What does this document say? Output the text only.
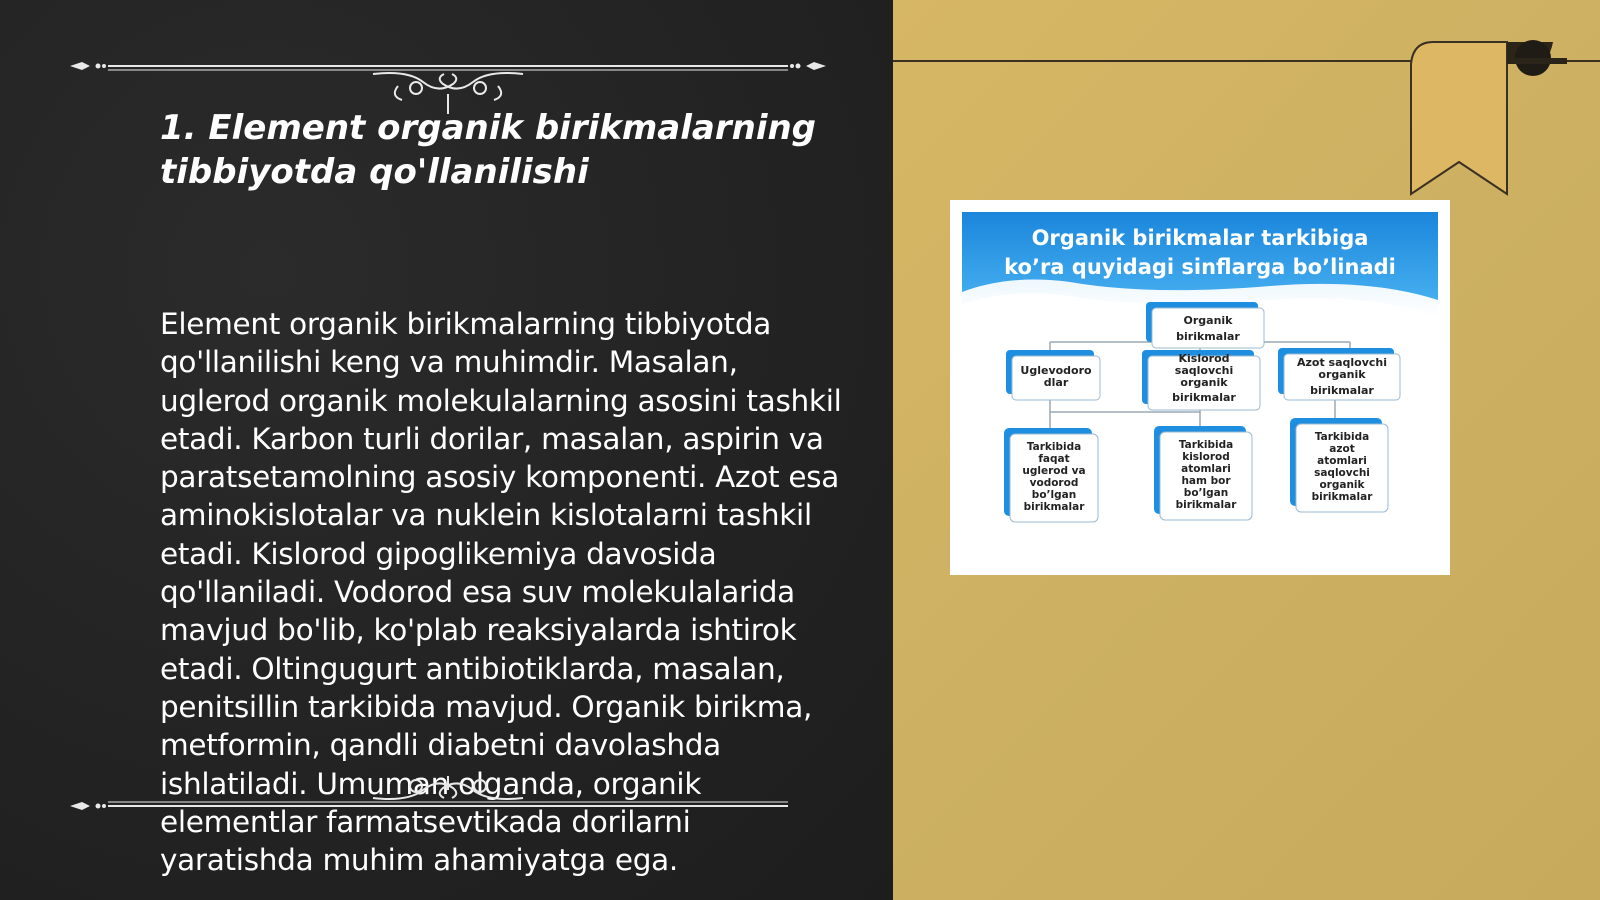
1. Element organik birikmalarning
tibbiyotda qo'llanilishi

Element organik birikmalarning tibbiyotda qo'llanilishi keng va muhimdir. Masalan, uglerod organik molekulalarning asosini tashkil etadi. Karbon turli dorilar, masalan, aspirin va paratsetamolning asosiy komponenti. Azot esa aminokislotalar va nuklein kislotalarni tashkil etadi. Kislorod gipoglikemiya davosida qo'llaniladi. Vodorod esa suv molekulalarida mavjud bo'lib, ko'plab reaksiyalarda ishtirok etadi. Oltingugurt antibiotiklarda, masalan, penitsillin tarkibida mavjud. Organik birikma, metformin, qandli diabetni davolashda ishlatiladi. Umuman olganda, organik elementlar farmatsevtikada dorilarni yaratishda muhim ahamiyatga ega.

Organik birikmalar tarkibiga
ko’ra quyidagi sinflarga bo’linadi
Organik
birikmalar
Uglevodoro
dlar
Kislorod
saqlovchi
organik
birikmalar
Azot saqlovchi
organik
birikmalar
Tarkibida
faqat
uglerod va
vodorod
bo’lgan
birikmalar
Tarkibida
kislorod
atomlari
ham bor
bo’lgan
birikmalar
Tarkibida
azot
atomlari
saqlovchi
organik
birikmalar
